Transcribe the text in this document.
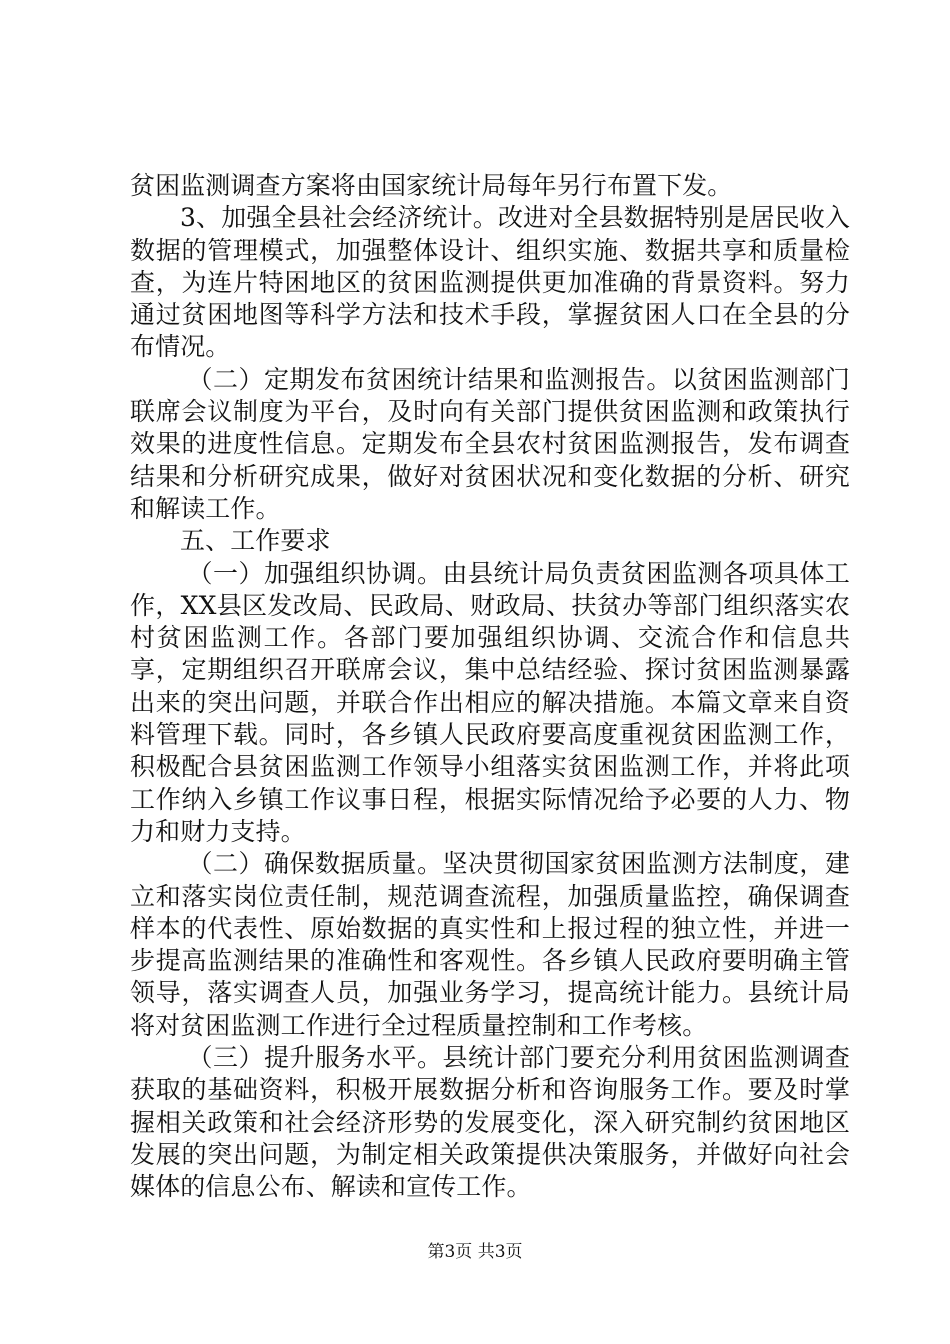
贫困监测调查方案将由国家统计局每年另行布置下发。

3、加强全县社会经济统计。改进对全县数据特别是居民收入数据的管理模式，加强整体设计、组织实施、数据共享和质量检查，为连片特困地区的贫困监测提供更加准确的背景资料。努力通过贫困地图等科学方法和技术手段，掌握贫困人口在全县的分布情况。

（二）定期发布贫困统计结果和监测报告。以贫困监测部门联席会议制度为平台，及时向有关部门提供贫困监测和政策执行效果的进度性信息。定期发布全县农村贫困监测报告，发布调查结果和分析研究成果，做好对贫困状况和变化数据的分析、研究和解读工作。

五、工作要求

（一）加强组织协调。由县统计局负责贫困监测各项具体工作，XX县区发改局、民政局、财政局、扶贫办等部门组织落实农村贫困监测工作。各部门要加强组织协调、交流合作和信息共享，定期组织召开联席会议，集中总结经验、探讨贫困监测暴露出来的突出问题，并联合作出相应的解决措施。本篇文章来自资料管理下载。同时，各乡镇人民政府要高度重视贫困监测工作，积极配合县贫困监测工作领导小组落实贫困监测工作，并将此项工作纳入乡镇工作议事日程，根据实际情况给予必要的人力、物力和财力支持。

（二）确保数据质量。坚决贯彻国家贫困监测方法制度，建立和落实岗位责任制，规范调查流程，加强质量监控，确保调查样本的代表性、原始数据的真实性和上报过程的独立性，并进一步提高监测结果的准确性和客观性。各乡镇人民政府要明确主管领导，落实调查人员，加强业务学习，提高统计能力。县统计局将对贫困监测工作进行全过程质量控制和工作考核。

（三）提升服务水平。县统计部门要充分利用贫困监测调查获取的基础资料，积极开展数据分析和咨询服务工作。要及时掌握相关政策和社会经济形势的发展变化，深入研究制约贫困地区发展的突出问题，为制定相关政策提供决策服务，并做好向社会媒体的信息公布、解读和宣传工作。

第3页 共3页
